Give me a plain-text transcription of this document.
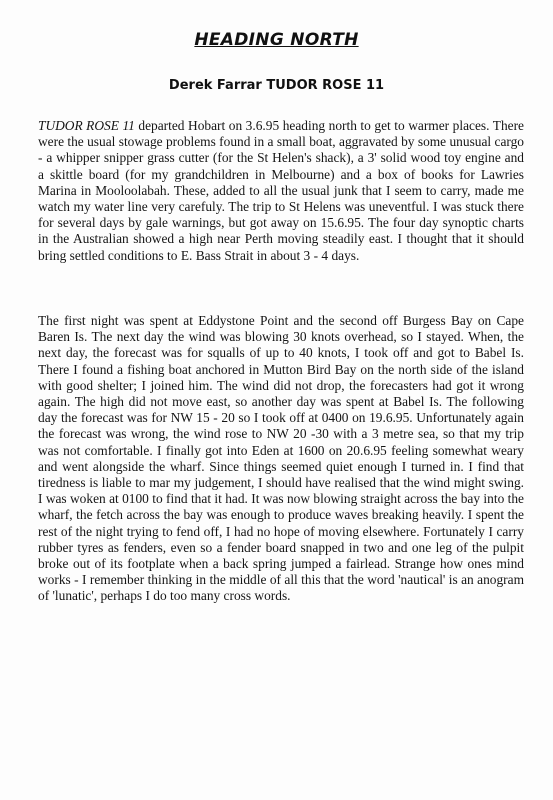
HEADING NORTH
Derek Farrar TUDOR ROSE 11

TUDOR ROSE 11 departed Hobart on 3.6.95 heading north to get to warmer places. There were the usual stowage problems found in a small boat, aggravated by some unusual cargo - a whipper snipper grass cutter (for the St Helen's shack), a 3' solid wood toy engine and a skittle board (for my grandchildren in Melbourne) and a box of books for Lawries Marina in Mooloolabah. These, added to all the usual junk that I seem to carry, made me watch my water line very carefuly. The trip to St Helens was uneventful. I was stuck there for several days by gale warnings, but got away on 15.6.95. The four day synoptic charts in the Australian showed a high near Perth moving steadily east. I thought that it should bring settled conditions to E. Bass Strait in about 3 - 4 days.

The first night was spent at Eddystone Point and the second off Burgess Bay on Cape Baren Is. The next day the wind was blowing 30 knots overhead, so I stayed. When, the next day, the forecast was for squalls of up to 40 knots, I took off and got to Babel Is. There I found a fishing boat anchored in Mutton Bird Bay on the north side of the island with good shelter; I joined him. The wind did not drop, the forecasters had got it wrong again. The high did not move east, so another day was spent at Babel Is. The following day the forecast was for NW 15 - 20 so I took off at 0400 on 19.6.95. Unfortunately again the forecast was wrong, the wind rose to NW 20 -30 with a 3 metre sea, so that my trip was not comfortable. I finally got into Eden at 1600 on 20.6.95 feeling somewhat weary and went alongside the wharf. Since things seemed quiet enough I turned in. I find that tiredness is liable to mar my judgement, I should have realised that the wind might swing. I was woken at 0100 to find that it had. It was now blowing straight across the bay into the wharf, the fetch across the bay was enough to produce waves breaking heavily. I spent the rest of the night trying to fend off, I had no hope of moving elsewhere. Fortunately I carry rubber tyres as fenders, even so a fender board snapped in two and one leg of the pulpit broke out of its footplate when a back spring jumped a fairlead. Strange how ones mind works - I remember thinking in the middle of all this that the word 'nautical' is an anogram of 'lunatic', perhaps I do too many cross words.
